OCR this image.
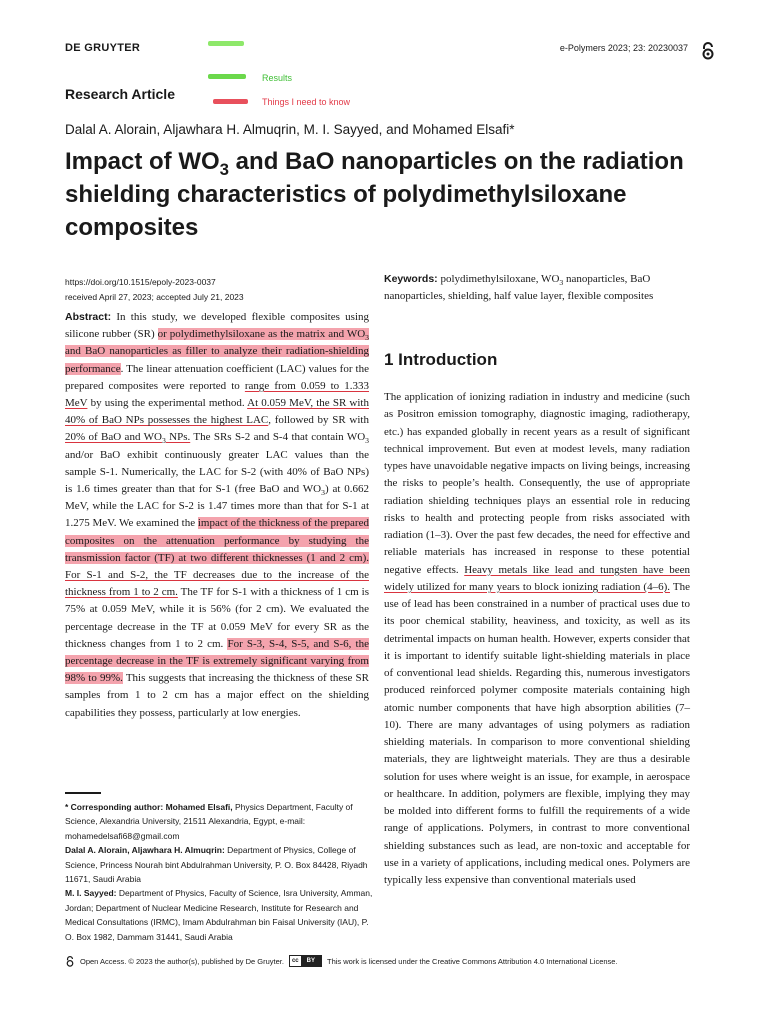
DE GRUYTER	e-Polymers 2023; 23: 20230037
Results
Things I need to know
Research Article
Dalal A. Alorain, Aljawhara H. Almuqrin, M. I. Sayyed, and Mohamed Elsafi*
Impact of $WO_3$ and BaO nanoparticles on the radiation shielding characteristics of polydimethylsiloxane composites
https://doi.org/10.1515/epoly-2023-0037
received April 27, 2023; accepted July 21, 2023

Abstract: In this study, we developed flexible composites using silicone rubber (SR) or polydimethylsiloxane as the matrix and $WO_3$ and BaO nanoparticles as filler to analyze their radiation-shielding performance. The linear attenuation coefficient (LAC) values for the prepared composites were reported to range from 0.059 to 1.333 MeV by using the experimental method. At 0.059 MeV, the SR with 40% of BaO NPs possesses the highest LAC, followed by SR with 20% of BaO and $WO_3$ NPs. The SRs S-2 and S-4 that contain $WO_3$ and/or BaO exhibit continuously greater LAC values than the sample S-1. Numerically, the LAC for S-2 (with 40% of BaO NPs) is 1.6 times greater than that for S-1 (free BaO and $WO_3$) at 0.662 MeV, while the LAC for S-2 is 1.47 times more than that for S-1 at 1.275 MeV. We examined the impact of the thickness of the prepared composites on the attenuation performance by studying the transmission factor (TF) at two different thicknesses (1 and 2 cm). For S-1 and S-2, the TF decreases due to the increase of the thickness from 1 to 2 cm. The TF for S-1 with a thickness of 1 cm is 75% at 0.059 MeV, while it is 56% (for 2 cm). We evaluated the percentage decrease in the TF at 0.059 MeV for every SR as the thickness changes from 1 to 2 cm. For S-3, S-4, S-5, and S-6, the percentage decrease in the TF is extremely significant varying from 98% to 99%. This suggests that increasing the thickness of these SR samples from 1 to 2 cm has a major effect on the shielding capabilities they possess, particularly at low energies.

* Corresponding author: Mohamed Elsafi, Physics Department, Faculty of Science, Alexandria University, 21511 Alexandria, Egypt, e-mail: mohamedelsafi68@gmail.com

Dalal A. Alorain, Aljawhara H. Almuqrin: Department of Physics, College of Science, Princess Nourah bint Abdulrahman University, P. O. Box 84428, Riyadh 11671, Saudi Arabia

M. I. Sayyed: Department of Physics, Faculty of Science, Isra University, Amman, Jordan; Department of Nuclear Medicine Research, Institute for Research and Medical Consultations (IRMC), Imam Abdulrahman bin Faisal University (IAU), P. O. Box 1982, Dammam 31441, Saudi Arabia

Keywords: polydimethylsiloxane, $WO_3$ nanoparticles, BaO nanoparticles, shielding, half value layer, flexible composites
1 Introduction

The application of ionizing radiation in industry and medicine (such as Positron emission tomography, diagnostic imaging, radiotherapy, etc.) has expanded globally in recent years as a result of significant technical improvement. But even at modest levels, many radiation types have unavoidable negative impacts on living beings, increasing the risks to people’s health. Consequently, the use of appropriate radiation shielding techniques plays an essential role in reducing risks to health and protecting people from risks associated with radiation (1–3). Over the past few decades, the need for effective and reliable materials has increased in response to these potential negative effects. Heavy metals like lead and tungsten have been widely utilized for many years to block ionizing radiation (4–6). The use of lead has been constrained in a number of practical uses due to its poor chemical stability, heaviness, and toxicity, as well as its detrimental impacts on human health. However, experts consider that it is important to identify suitable light-shielding materials in place of conventional lead shields. Regarding this, numerous investigators produced reinforced polymer composite materials containing high atomic number components that have high absorption abilities (7–10). There are many advantages of using polymers as radiation shielding materials. In comparison to more conventional shielding materials, they are lightweight materials. They are thus a desirable solution for uses where weight is an issue, for example, in aerospace or healthcare. In addition, polymers are flexible, implying they may be molded into different forms to fulfill the requirements of a wide range of applications. Polymers, in contrast to more conventional shielding substances such as lead, are non-toxic and acceptable for use in a variety of applications, including medical ones. Polymers are typically less expensive than conventional materials used

Open Access. © 2023 the author(s), published by De Gruyter.	cc	BY	This work is licensed under the Creative Commons Attribution 4.0 International License.
